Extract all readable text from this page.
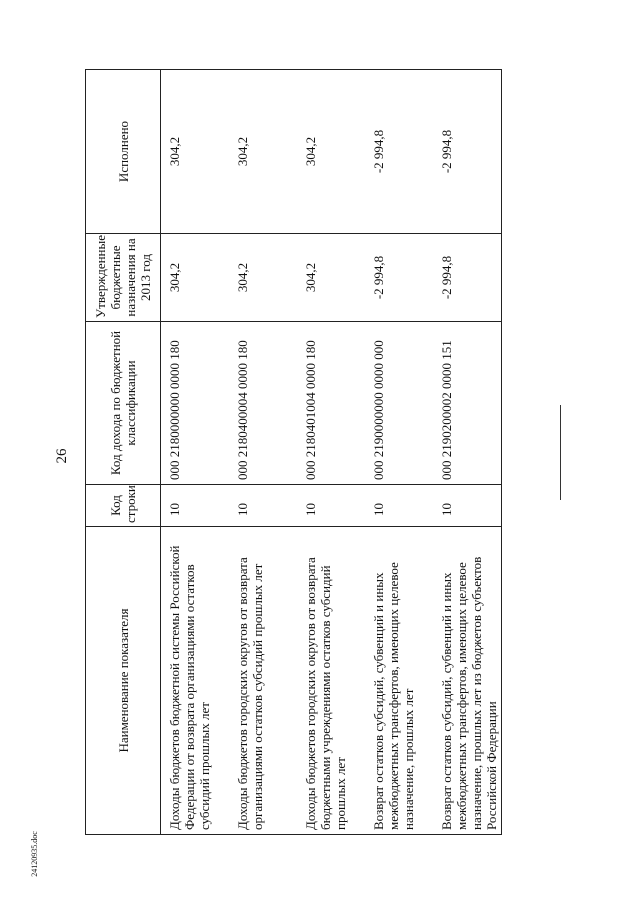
26
Наименование показателя	Код строки	Код дохода по бюджетной классификации	Утвержденные бюджетные назначения на 2013 год	Исполнено
Доходы бюджетов бюджетной системы Российской Федерации от возврата организациями остатков субсидий прошлых лет	10	000 2180000000 0000 180	304,2	304,2
Доходы бюджетов городских округов от возврата организациями остатков субсидий прошлых лет	10	000 2180400004 0000 180	304,2	304,2
Доходы бюджетов городских округов от возврата бюджетными учреждениями остатков субсидий прошлых лет	10	000 2180401004 0000 180	304,2	304,2
Возврат остатков субсидий, субвенций и иных межбюджетных трансфертов, имеющих целевое назначение, прошлых лет	10	000 2190000000 0000 000	-2 994,8	-2 994,8
Возврат остатков субсидий, субвенций и иных межбюджетных трансфертов, имеющих целевое назначение, прошлых лет из бюджетов субъектов Российской Федерации	10	000 2190200002 0000 151	-2 994,8	-2 994,8
24120935.doc
